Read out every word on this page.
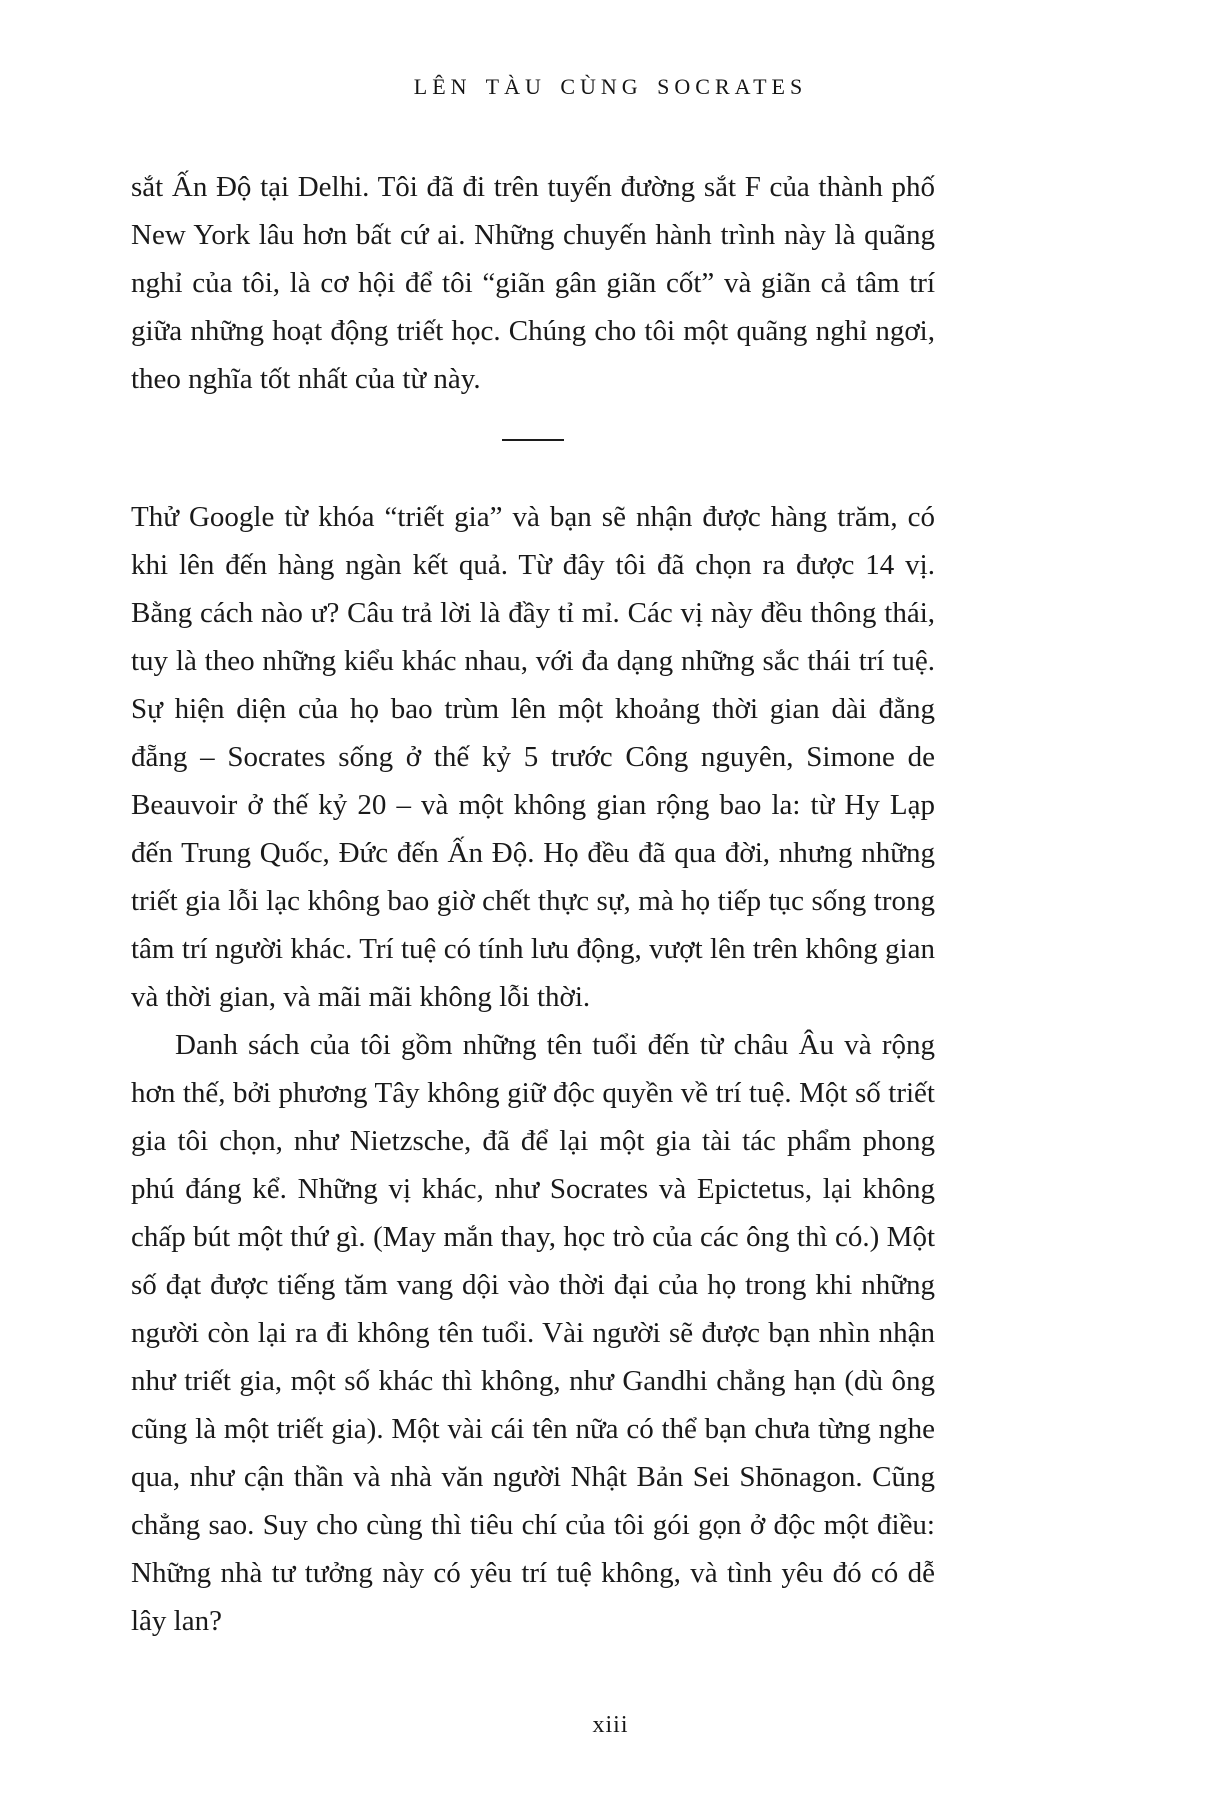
LÊN TÀU CÙNG SOCRATES

sắt Ấn Độ tại Delhi. Tôi đã đi trên tuyến đường sắt F của thành phố New York lâu hơn bất cứ ai. Những chuyến hành trình này là quãng nghỉ của tôi, là cơ hội để tôi “giãn gân giãn cốt” và giãn cả tâm trí giữa những hoạt động triết học. Chúng cho tôi một quãng nghỉ ngơi, theo nghĩa tốt nhất của từ này.

Thử Google từ khóa “triết gia” và bạn sẽ nhận được hàng trăm, có khi lên đến hàng ngàn kết quả. Từ đây tôi đã chọn ra được 14 vị. Bằng cách nào ư? Câu trả lời là đầy tỉ mỉ. Các vị này đều thông thái, tuy là theo những kiểu khác nhau, với đa dạng những sắc thái trí tuệ. Sự hiện diện của họ bao trùm lên một khoảng thời gian dài đằng đẵng – Socrates sống ở thế kỷ 5 trước Công nguyên, Simone de Beauvoir ở thế kỷ 20 – và một không gian rộng bao la: từ Hy Lạp đến Trung Quốc, Đức đến Ấn Độ. Họ đều đã qua đời, nhưng những triết gia lỗi lạc không bao giờ chết thực sự, mà họ tiếp tục sống trong tâm trí người khác. Trí tuệ có tính lưu động, vượt lên trên không gian và thời gian, và mãi mãi không lỗi thời.

Danh sách của tôi gồm những tên tuổi đến từ châu Âu và rộng hơn thế, bởi phương Tây không giữ độc quyền về trí tuệ. Một số triết gia tôi chọn, như Nietzsche, đã để lại một gia tài tác phẩm phong phú đáng kể. Những vị khác, như Socrates và Epictetus, lại không chấp bút một thứ gì. (May mắn thay, học trò của các ông thì có.) Một số đạt được tiếng tăm vang dội vào thời đại của họ trong khi những người còn lại ra đi không tên tuổi. Vài người sẽ được bạn nhìn nhận như triết gia, một số khác thì không, như Gandhi chẳng hạn (dù ông cũng là một triết gia). Một vài cái tên nữa có thể bạn chưa từng nghe qua, như cận thần và nhà văn người Nhật Bản Sei Shōnagon. Cũng chẳng sao. Suy cho cùng thì tiêu chí của tôi gói gọn ở độc một điều: Những nhà tư tưởng này có yêu trí tuệ không, và tình yêu đó có dễ lây lan?

xiii
